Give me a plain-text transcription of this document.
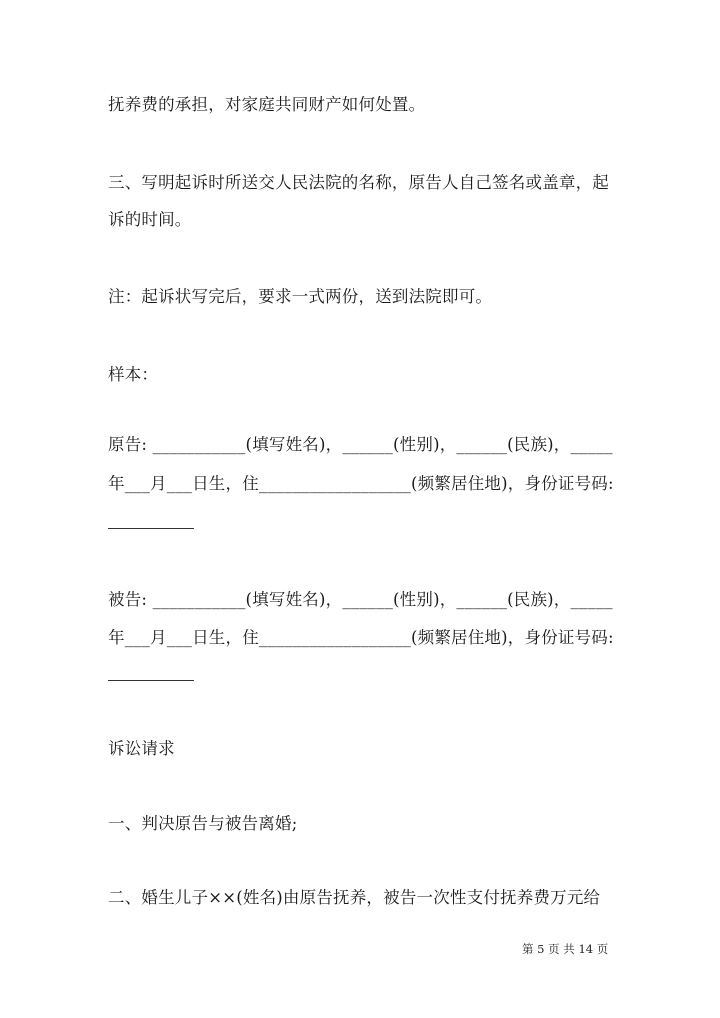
抚养费的承担，对家庭共同财产如何处置。
三、写明起诉时所送交人民法院的名称，原告人自己签名或盖章，起
诉的时间。
注：起诉状写完后，要求一式两份，送到法院即可。
样本：
原告: ___________(填写姓名)，______(性别)，______(民族)，_____
年___月___日生，住__________________(频繁居住地)，身份证号码:
被告: ___________(填写姓名)，______(性别)，______(民族)，_____
年___月___日生，住__________________(频繁居住地)，身份证号码:
诉讼请求
一、判决原告与被告离婚;
二、婚生儿子××(姓名)由原告抚养，被告一次性支付抚养费万元给
第 5 页 共 14 页
